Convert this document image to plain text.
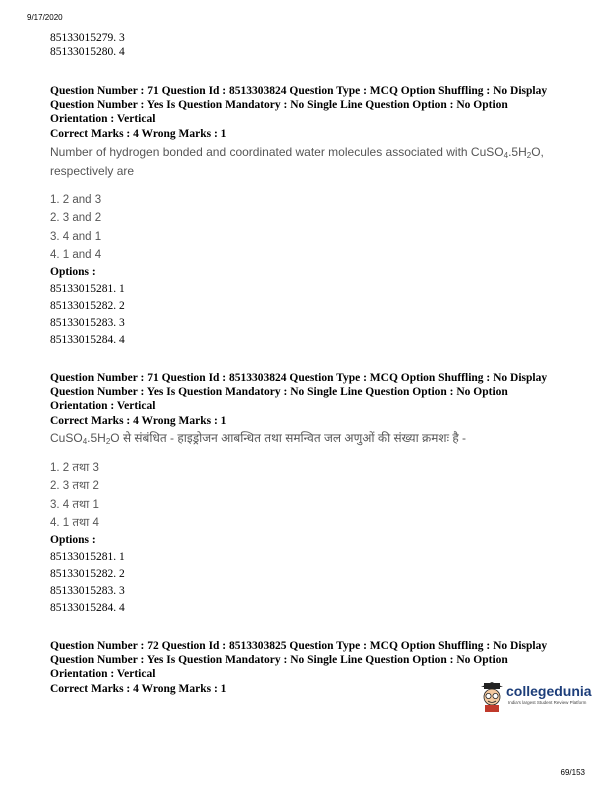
9/17/2020
85133015279. 3
85133015280. 4
Question Number : 71 Question Id : 8513303824 Question Type : MCQ Option Shuffling : No Display
Question Number : Yes Is Question Mandatory : No Single Line Question Option : No Option
Orientation : Vertical
Correct Marks : 4 Wrong Marks : 1
Number of hydrogen bonded and coordinated water molecules associated with $CuSO_4.5H_2O$,
respectively are
1. 2 and 3
2. 3 and 2
3. 4 and 1
4. 1 and 4
Options :
85133015281. 1
85133015282. 2
85133015283. 3
85133015284. 4
Question Number : 71 Question Id : 8513303824 Question Type : MCQ Option Shuffling : No Display
Question Number : Yes Is Question Mandatory : No Single Line Question Option : No Option
Orientation : Vertical
Correct Marks : 4 Wrong Marks : 1
$CuSO_4.5H_2O$ से संबंधित - हाइड्रोजन आबन्धित तथा समन्वित जल अणुओं की संख्या क्रमशः है -
1. 2 तथा 3
2. 3 तथा 2
3. 4 तथा 1
4. 1 तथा 4
Options :
85133015281. 1
85133015282. 2
85133015283. 3
85133015284. 4
Question Number : 72 Question Id : 8513303825 Question Type : MCQ Option Shuffling : No Display
Question Number : Yes Is Question Mandatory : No Single Line Question Option : No Option
Orientation : Vertical
Correct Marks : 4 Wrong Marks : 1	collegedunia
India's largest Student Review Platform
69/153
